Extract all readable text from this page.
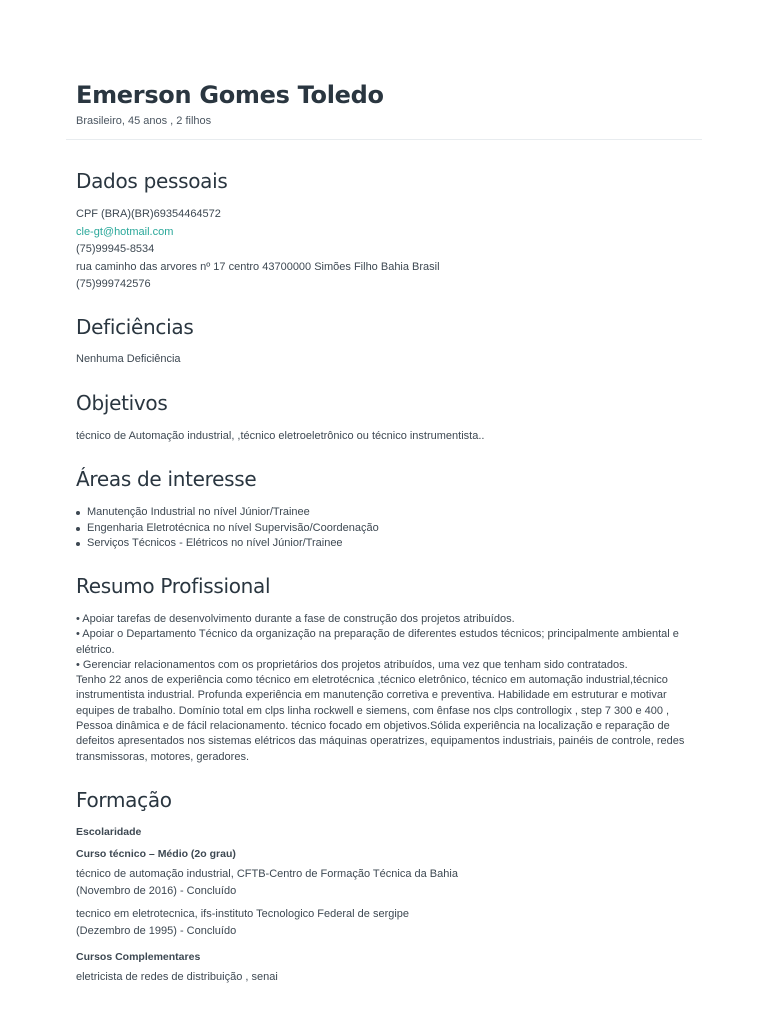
Emerson Gomes Toledo
Brasileiro, 45 anos , 2 filhos
Dados pessoais
CPF (BRA)(BR)69354464572
cle-gt@hotmail.com
(75)99945-8534
rua caminho das arvores nº 17 centro 43700000 Simões Filho Bahia Brasil
(75)999742576
Deficiências
Nenhuma Deficiência
Objetivos
técnico de Automação industrial, ,técnico eletroeletrônico ou técnico instrumentista..
Áreas de interesse
Manutenção Industrial no nível Júnior/Trainee
Engenharia Eletrotécnica no nível Supervisão/Coordenação
Serviços Técnicos - Elétricos no nível Júnior/Trainee
Resumo Profissional
• Apoiar tarefas de desenvolvimento durante a fase de construção dos projetos atribuídos.
• Apoiar o Departamento Técnico da organização na preparação de diferentes estudos técnicos; principalmente ambiental e elétrico.
• Gerenciar relacionamentos com os proprietários dos projetos atribuídos, uma vez que tenham sido contratados.
Tenho 22 anos de experiência como técnico em eletrotécnica ,técnico eletrônico, técnico em automação industrial,técnico instrumentista industrial. Profunda experiência em manutenção corretiva e preventiva. Habilidade em estruturar e motivar equipes de trabalho. Domínio total em clps linha rockwell e siemens, com ênfase nos clps controllogix , step 7 300 e 400 , Pessoa dinâmica e de fácil relacionamento. técnico focado em objetivos.Sólida experiência na localização e reparação de defeitos apresentados nos sistemas elétricos das máquinas operatrizes, equipamentos industriais, painéis de controle, redes transmissoras, motores, geradores.
Formação
Escolaridade
Curso técnico – Médio (2o grau)
técnico de automação industrial, CFTB-Centro de Formação Técnica da Bahia
(Novembro de 2016) - Concluído
tecnico em eletrotecnica, ifs-instituto Tecnologico Federal de sergipe
(Dezembro de 1995) - Concluído
Cursos Complementares
eletricista de redes de distribuição , senai
